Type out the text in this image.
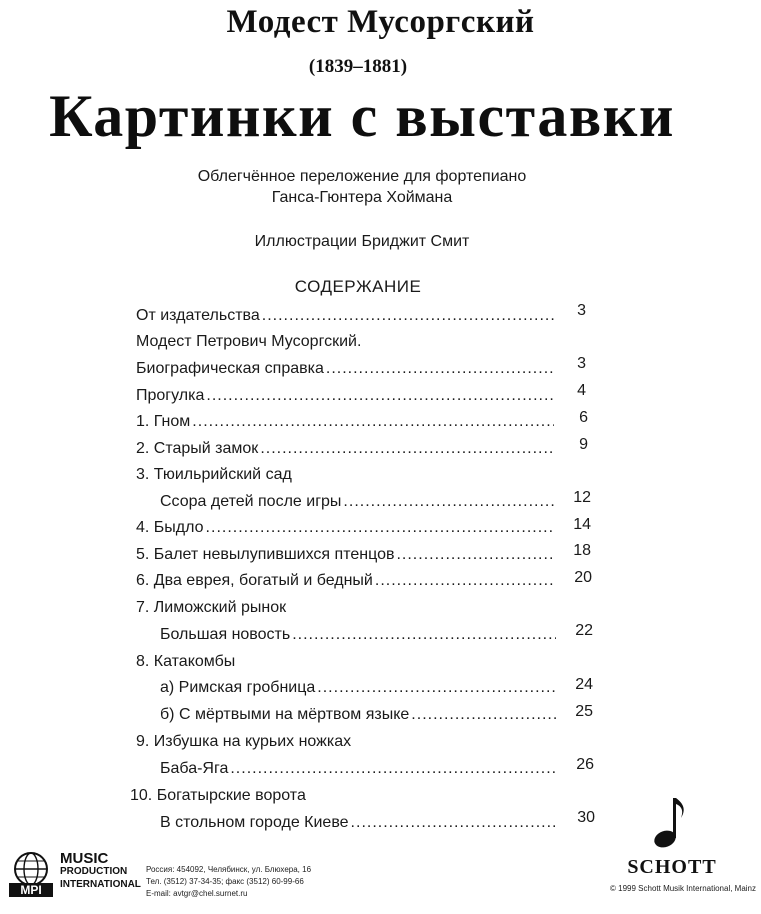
Модест Мусоргский
(1839–1881)
Картинки с выставки
Облегчённое переложение для фортепиано
Ганса-Гюнтера Хоймана
Иллюстрации Бриджит Смит
СОДЕРЖАНИЕ
От издательства .....	3
Модест Петрович Мусоргский.
Биографическая справка .....	3
Прогулка .....	4
1. Гном .....	6
2. Старый замок .....	9
3. Тюильрийский сад
Ссора детей после игры .....	12
4. Быдло .....	14
5. Балет невылупившихся птенцов .....	18
6. Два еврея, богатый и бедный .....	20
7. Лиможский рынок
Большая новость .....	22
8. Катакомбы
а) Римская гробница .....	24
б) С мёртвыми на мёртвом языке .....	25
9. Избушка на курьих ножках
Баба-Яга .....	26
10. Богатырские ворота
В стольном городе Киеве .....	30
MPI
MUSIC
PRODUCTION
INTERNATIONAL
Россия: 454092, Челябинск, ул. Блюхера, 16
Тел. (3512) 37-34-35; факс (3512) 60-99-66
E-mail: avtgr@chel.surnet.ru
SCHOTT
© 1999 Schott Musik International, Mainz
